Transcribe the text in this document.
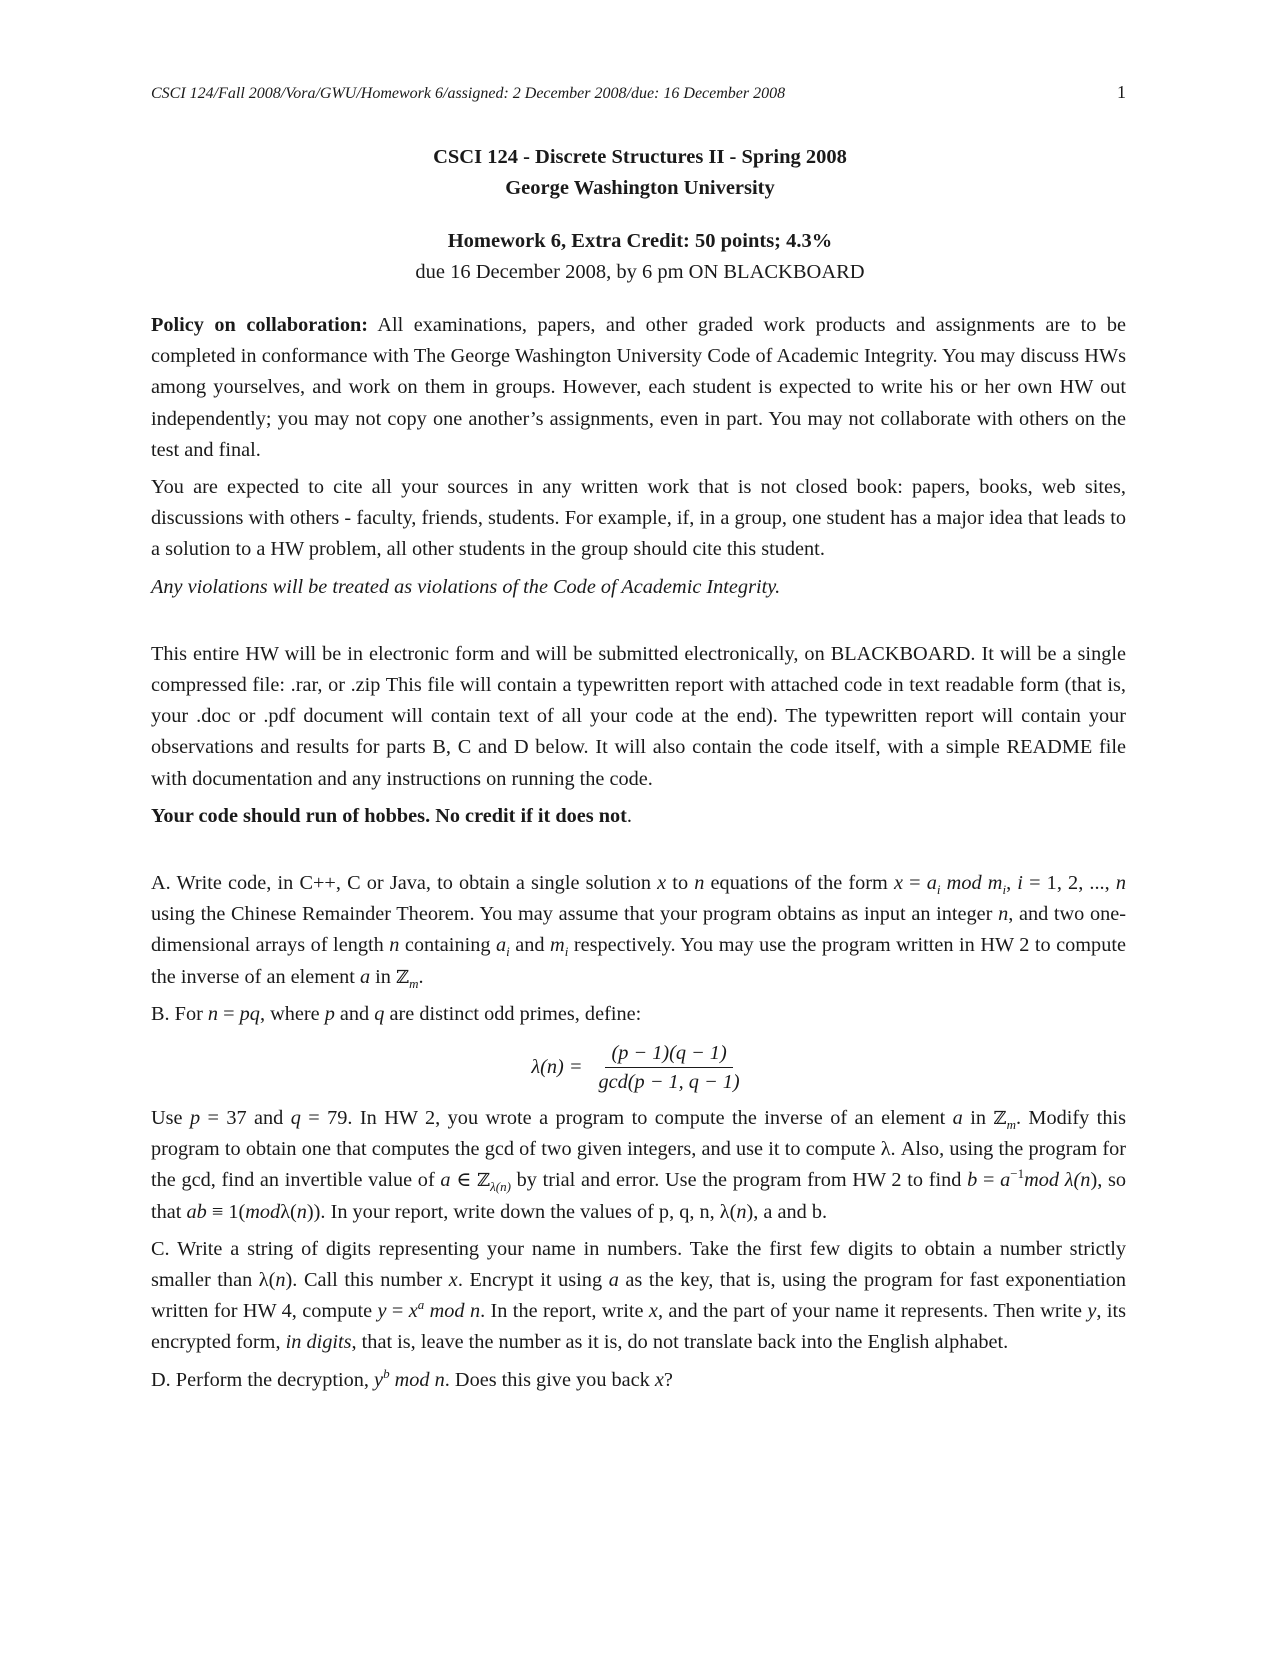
CSCI 124/Fall 2008/Vora/GWU/Homework 6/assigned: 2 December 2008/due: 16 December 2008	1
CSCI 124 - Discrete Structures II - Spring 2008
George Washington University
Homework 6, Extra Credit: 50 points; 4.3%
due 16 December 2008, by 6 pm ON BLACKBOARD

Policy on collaboration: All examinations, papers, and other graded work products and assignments are to be completed in conformance with The George Washington University Code of Academic Integrity. You may discuss HWs among yourselves, and work on them in groups. However, each student is expected to write his or her own HW out independently; you may not copy one another’s assignments, even in part. You may not collaborate with others on the test and final.

You are expected to cite all your sources in any written work that is not closed book: papers, books, web sites, discussions with others - faculty, friends, students. For example, if, in a group, one student has a major idea that leads to a solution to a HW problem, all other students in the group should cite this student.

Any violations will be treated as violations of the Code of Academic Integrity.

This entire HW will be in electronic form and will be submitted electronically, on BLACKBOARD. It will be a single compressed file: .rar, or .zip This file will contain a typewritten report with attached code in text readable form (that is, your .doc or .pdf document will contain text of all your code at the end). The typewritten report will contain your observations and results for parts B, C and D below. It will also contain the code itself, with a simple README file with documentation and any instructions on running the code.

Your code should run of hobbes. No credit if it does not.

A. Write code, in C++, C or Java, to obtain a single solution x to n equations of the form $x = a_i$ mod $m_i$, i = 1, 2, ..., n using the Chinese Remainder Theorem. You may assume that your program obtains as input an integer n, and two one-dimensional arrays of length n containing $a_i$ and $m_i$ respectively. You may use the program written in HW 2 to compute the inverse of an element a in ℤ$_m$.

B. For n = pq, where p and q are distinct odd primes, define:

$\lambda(n) = \frac{(p - 1)(q - 1)}{\gcd(p - 1, q - 1)}$

Use p = 37 and q = 79. In HW 2, you wrote a program to compute the inverse of an element a in ℤ$_m$. Modify this program to obtain one that computes the gcd of two given integers, and use it to compute λ. Also, using the program for the gcd, find an invertible value of a ∈ ℤ$_{\lambda(n)}$ by trial and error. Use the program from HW 2 to find $b = a^{-1}mod$ λ(n), so that ab ≡ 1(modλ(n)). In your report, write down the values of p, q, n, λ(n), a and b.

C. Write a string of digits representing your name in numbers. Take the first few digits to obtain a number strictly smaller than λ(n). Call this number x. Encrypt it using a as the key, that is, using the program for fast exponentiation written for HW 4, compute $y = x^a$ mod n. In the report, write x, and the part of your name it represents. Then write y, its encrypted form, in digits, that is, leave the number as it is, do not translate back into the English alphabet.

D. Perform the decryption, $y^b$ mod n. Does this give you back x?
